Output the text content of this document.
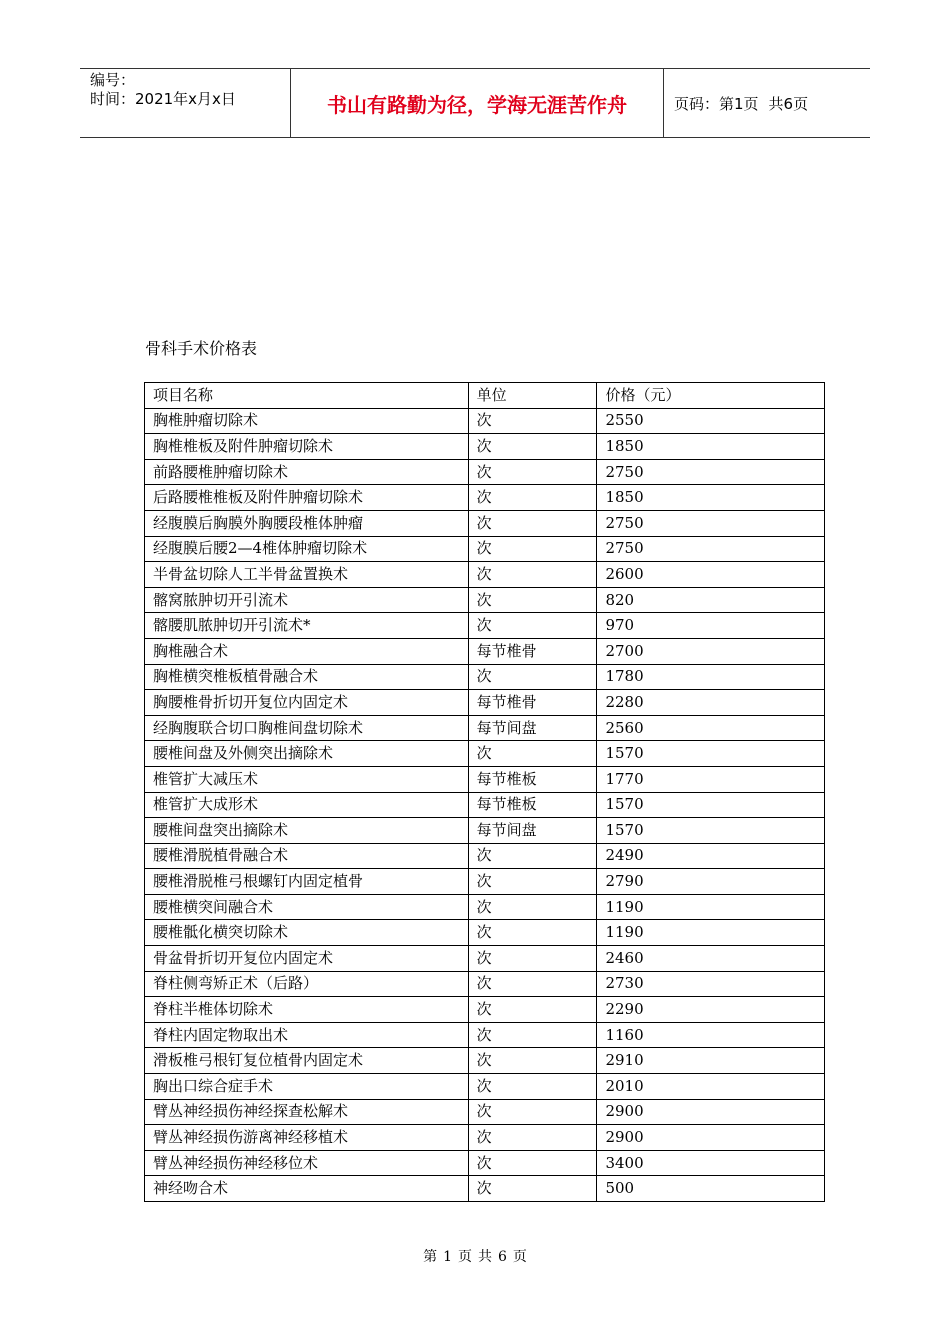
编号：
时间：2021年x月x日	书山有路勤为径，学海无涯苦作舟	页码：第1页 共6页
骨科手术价格表
项目名称	单位	价格（元）
胸椎肿瘤切除术	次	2550
胸椎椎板及附件肿瘤切除术	次	1850
前路腰椎肿瘤切除术	次	2750
后路腰椎椎板及附件肿瘤切除术	次	1850
经腹膜后胸膜外胸腰段椎体肿瘤	次	2750
经腹膜后腰2—4椎体肿瘤切除术	次	2750
半骨盆切除人工半骨盆置换术	次	2600
髂窝脓肿切开引流术	次	820
髂腰肌脓肿切开引流术*	次	970
胸椎融合术	每节椎骨	2700
胸椎横突椎板植骨融合术	次	1780
胸腰椎骨折切开复位内固定术	每节椎骨	2280
经胸腹联合切口胸椎间盘切除术	每节间盘	2560
腰椎间盘及外侧突出摘除术	次	1570
椎管扩大减压术	每节椎板	1770
椎管扩大成形术	每节椎板	1570
腰椎间盘突出摘除术	每节间盘	1570
腰椎滑脱植骨融合术	次	2490
腰椎滑脱椎弓根螺钉内固定植骨	次	2790
腰椎横突间融合术	次	1190
腰椎骶化横突切除术	次	1190
骨盆骨折切开复位内固定术	次	2460
脊柱侧弯矫正术（后路）	次	2730
脊柱半椎体切除术	次	2290
脊柱内固定物取出术	次	1160
滑板椎弓根钉复位植骨内固定术	次	2910
胸出口综合症手术	次	2010
臂丛神经损伤神经探查松解术	次	2900
臂丛神经损伤游离神经移植术	次	2900
臂丛神经损伤神经移位术	次	3400
神经吻合术	次	500
第 1 页 共 6 页
